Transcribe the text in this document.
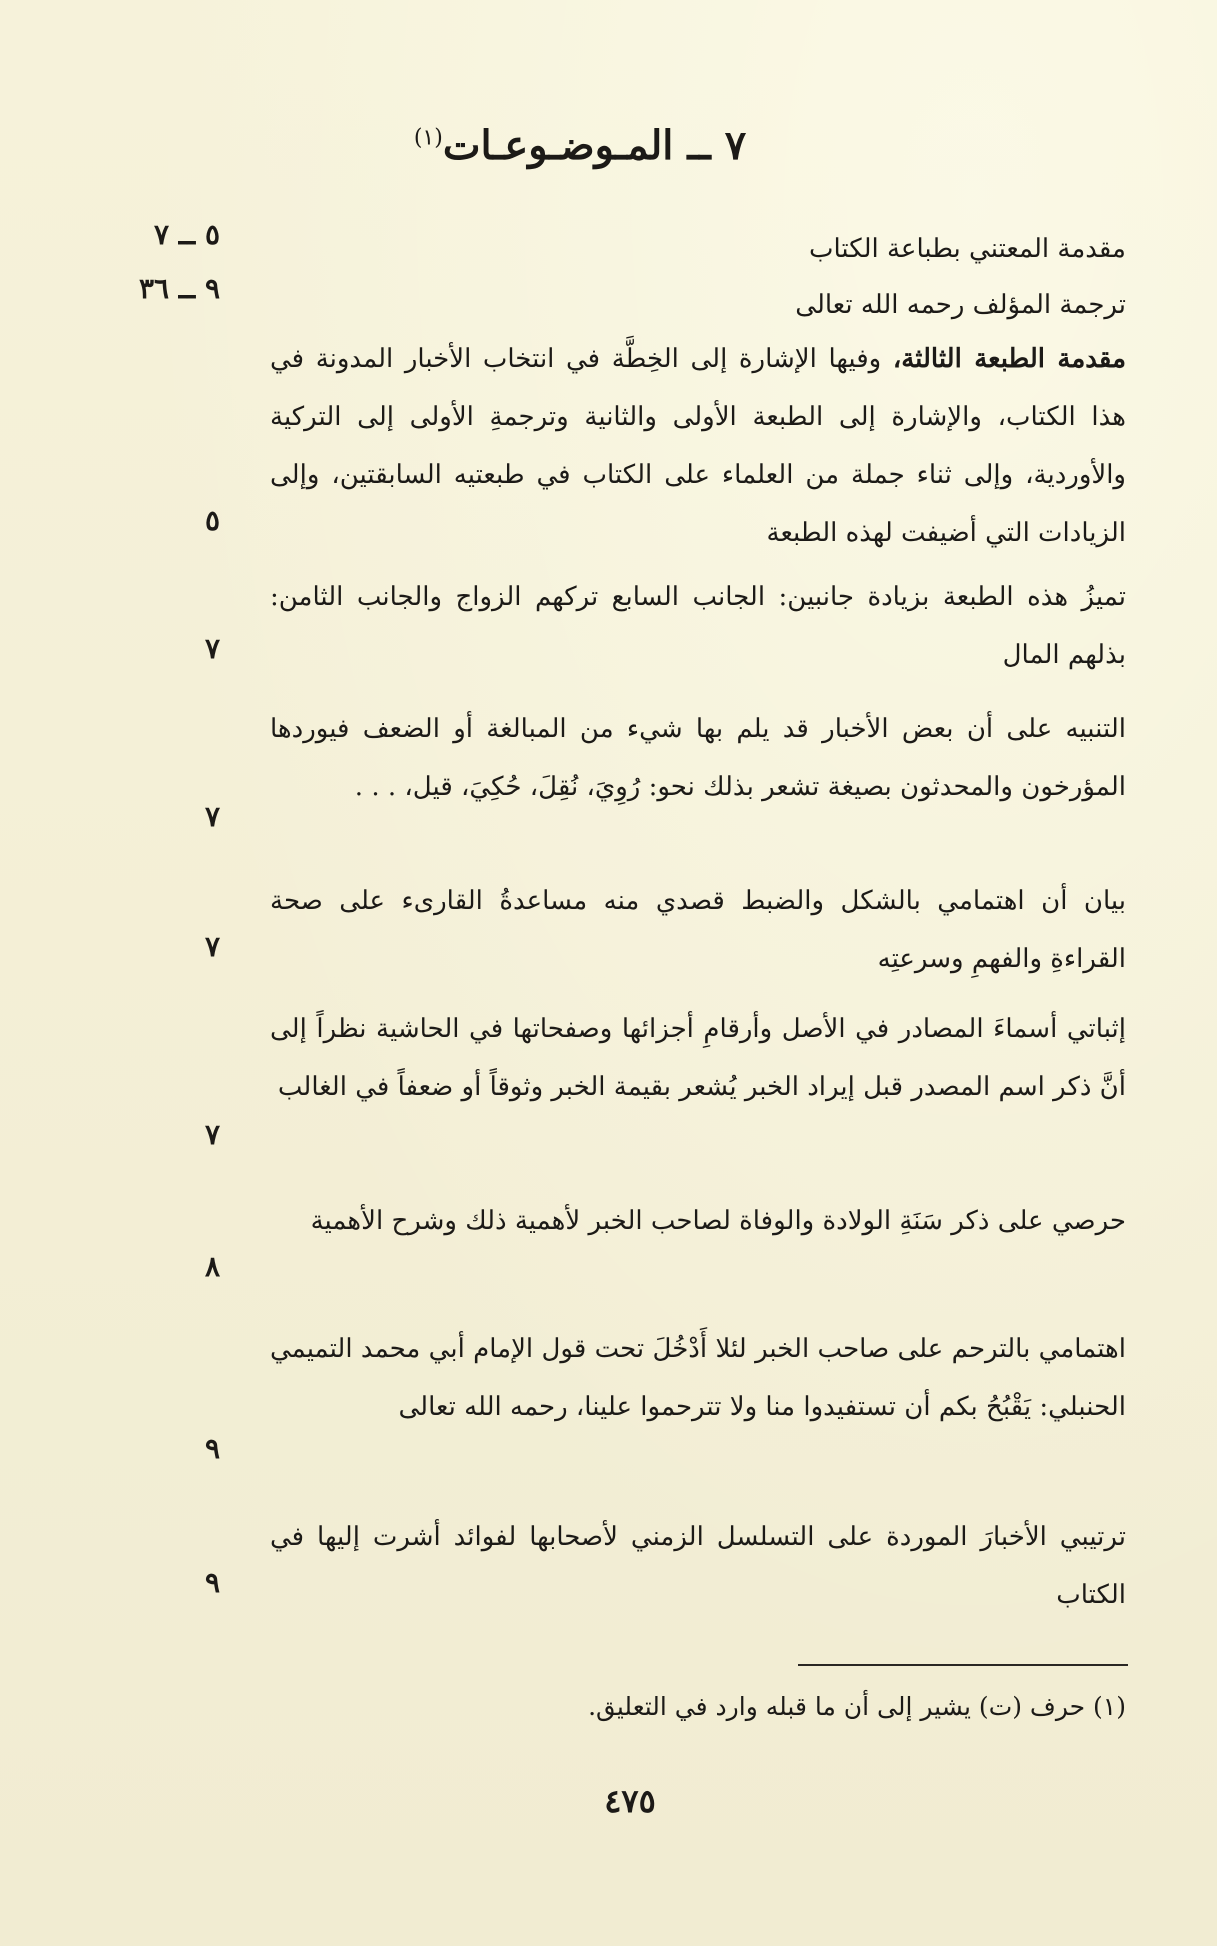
٧ ــ المـوضـوعـات$^{(١)}$
مقدمة المعتني بطباعة الكتاب
٥ ــ ٧
ترجمة المؤلف رحمه الله تعالى
٩ ــ ٣٦
مقدمة الطبعة الثالثة، وفيها الإشارة إلى الخِطَّة في انتخاب الأخبار المدونة في هذا الكتاب، والإشارة إلى الطبعة الأولى والثانية وترجمةِ الأولى إلى التركية والأوردية، وإلى ثناء جملة من العلماء على الكتاب في طبعتيه السابقتين، وإلى الزيادات التي أضيفت لهذه الطبعة
٥
تميزُ هذه الطبعة بزيادة جانبين: الجانب السابع تركهم الزواج والجانب الثامن: بذلهم المال
٧
التنبيه على أن بعض الأخبار قد يلم بها شيء من المبالغة أو الضعف فيوردها المؤرخون والمحدثون بصيغة تشعر بذلك نحو: رُوِيَ، نُقِلَ، حُكِيَ، قيل، . . .
٧
بيان أن اهتمامي بالشكل والضبط قصدي منه مساعدةُ القارىء على صحة القراءةِ والفهمِ وسرعتِه
٧
إثباتي أسماءَ المصادر في الأصل وأرقامِ أجزائها وصفحاتها في الحاشية نظراً إلى أنَّ ذكر اسم المصدر قبل إيراد الخبر يُشعر بقيمة الخبر وثوقاً أو ضعفاً في الغالب
٧
حرصي على ذكر سَنَةِ الولادة والوفاة لصاحب الخبر لأهمية ذلك وشرح الأهمية
٨
اهتمامي بالترحم على صاحب الخبر لئلا أَدْخُلَ تحت قول الإمام أبي محمد التميمي الحنبلي: يَقْبُحُ بكم أن تستفيدوا منا ولا تترحموا علينا، رحمه الله تعالى
٩
ترتيبي الأخبارَ الموردة على التسلسل الزمني لأصحابها لفوائد أشرت إليها في الكتاب
٩
(١) حرف (ت) يشير إلى أن ما قبله وارد في التعليق.
٤٧٥
